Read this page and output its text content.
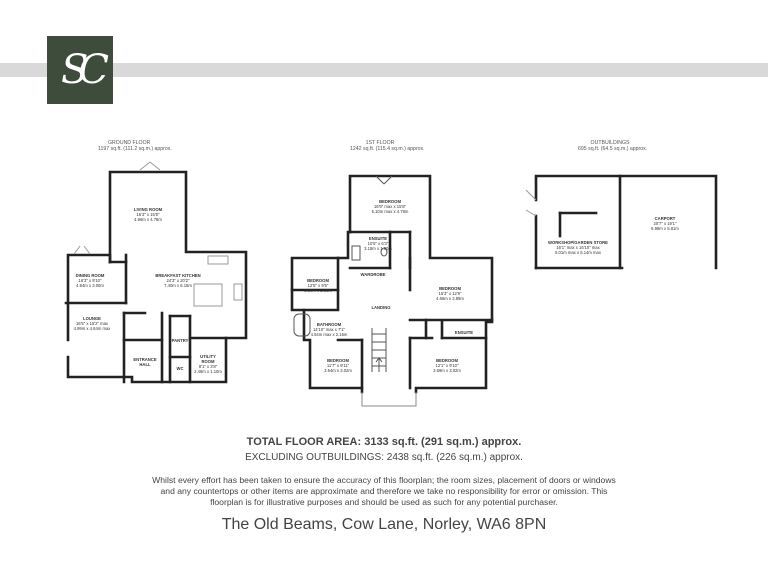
SC
GROUND FLOOR
1197 sq.ft. (111.2 sq.m.) approx.
LIVING ROOM
16'3" x 15'8"
4.96m x 4.78m
DINING ROOM
16'3" x 9'10"
4.94m x 3.00m
BREAKFAST KITCHEN
24'3" x 20'2"
7.40m x 6.15m
LOUNGE
16'5" x 15'2" max
4.99m x 4.64m max
ENTRANCE HALL
PANTRY
UTILITY ROOM
8'1" x 3'8"
2.46m x 1.10m
WC
1ST FLOOR
1242 sq.ft. (115.4 sq.m.) approx.
BEDROOM
16'9" max x 15'8"
5.10m max x 4.78m
ENSUITE
10'5" x 6'3"
3.18m x 1.90m
WARDROBE
BEDROOM
12'5" x 9'5"
3.80m x 2.88m	BEDROOM
15'3" x 12'9"
4.66m x 3.89m
LANDING
BATHROOM
14'10" max x 7'1"
4.54m max x 2.16m	ENSUITE
BEDROOM
11'7" x 9'11"
3.54m x 3.02m
BEDROOM
12'1" x 9'10"
3.69m x 3.02m
OUTBUILDINGS
695 sq.ft. (64.5 sq.m.) approx.
WORKSHOP/GARDEN STORE
16'1" max x 16'10" max
5.01m max x 5.14m max
CARPORT
20'7" x 19'1"
5.98m x 5.81m
TOTAL FLOOR AREA: 3133 sq.ft. (291 sq.m.) approx.
EXCLUDING OUTBUILDINGS: 2438 sq.ft. (226 sq.m.) approx.
Whilst every effort has been taken to ensure the accuracy of this floorplan; the room sizes, placement of doors or windows and any countertops or other items are approximate and therefore we take no responsibility for error or omission. This floorplan is for illustrative purposes and should be used as such for any potential purchaser.
The Old Beams, Cow Lane, Norley, WA6 8PN
